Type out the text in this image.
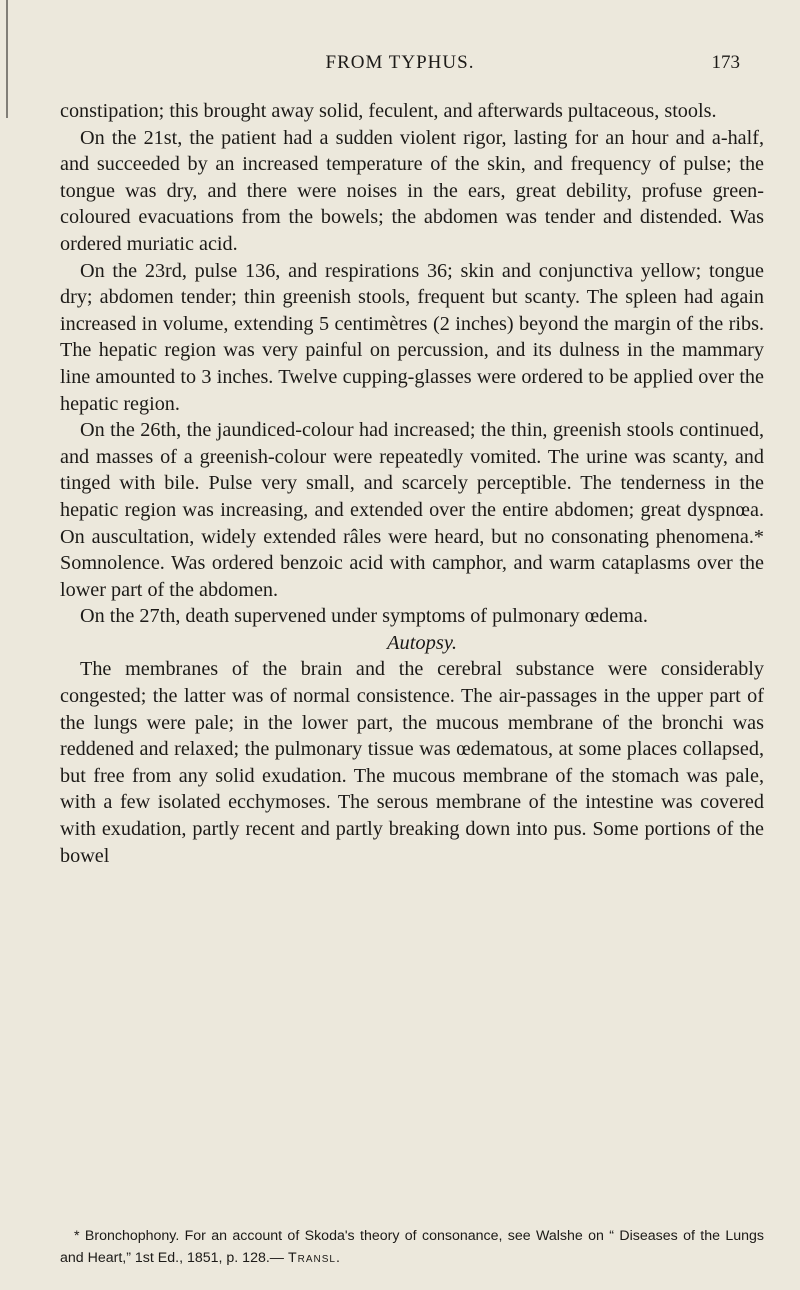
FROM TYPHUS.	173

constipation; this brought away solid, feculent, and afterwards pultaceous, stools.

On the 21st, the patient had a sudden violent rigor, lasting for an hour and a-half, and succeeded by an increased temperature of the skin, and frequency of pulse; the tongue was dry, and there were noises in the ears, great debility, profuse green-coloured evacuations from the bowels; the abdomen was tender and distended. Was ordered muriatic acid.

On the 23rd, pulse 136, and respirations 36; skin and conjunctiva yellow; tongue dry; abdomen tender; thin greenish stools, frequent but scanty. The spleen had again increased in volume, extending 5 centimètres (2 inches) beyond the margin of the ribs. The hepatic region was very painful on percussion, and its dulness in the mammary line amounted to 3 inches. Twelve cupping-glasses were ordered to be applied over the hepatic region.

On the 26th, the jaundiced-colour had increased; the thin, greenish stools continued, and masses of a greenish-colour were repeatedly vomited. The urine was scanty, and tinged with bile. Pulse very small, and scarcely perceptible. The tenderness in the hepatic region was increasing, and extended over the entire abdomen; great dyspnœa. On auscultation, widely extended râles were heard, but no consonating phenomena.* Somnolence. Was ordered benzoic acid with camphor, and warm cataplasms over the lower part of the abdomen.

On the 27th, death supervened under symptoms of pulmonary œdema.

Autopsy.

The membranes of the brain and the cerebral substance were considerably congested; the latter was of normal consistence. The air-passages in the upper part of the lungs were pale; in the lower part, the mucous membrane of the bronchi was reddened and relaxed; the pulmonary tissue was œdematous, at some places collapsed, but free from any solid exudation. The mucous membrane of the stomach was pale, with a few isolated ecchymoses. The serous membrane of the intestine was covered with exudation, partly recent and partly breaking down into pus. Some portions of the bowel

* Bronchophony. For an account of Skoda's theory of consonance, see Walshe on “ Diseases of the Lungs and Heart,” 1st Ed., 1851, p. 128.— Transl.
